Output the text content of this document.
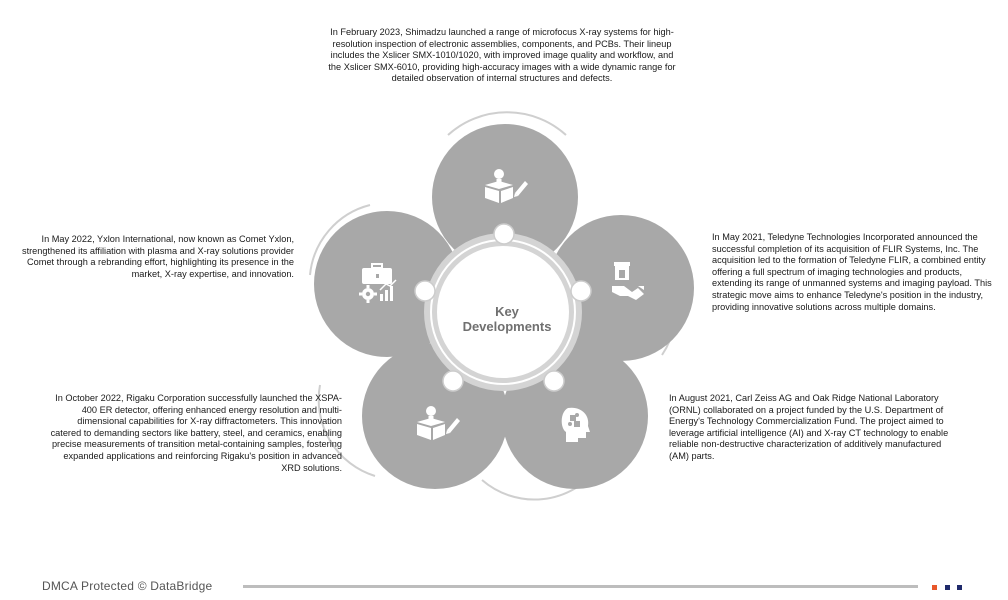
Key
Developments
In February 2023, Shimadzu launched a range of microfocus X-ray systems for high-resolution inspection of electronic assemblies, components, and PCBs. Their lineup includes the Xslicer SMX-1010/1020, with improved image quality and workflow, and the Xslicer SMX-6010, providing high-accuracy images with a wide dynamic range for detailed observation of internal structures and defects.
In May 2021, Teledyne Technologies Incorporated announced the successful completion of its acquisition of FLIR Systems, Inc. The acquisition led to the formation of Teledyne FLIR, a combined entity offering a full spectrum of imaging technologies and products, extending its range of unmanned systems and imaging payload. This strategic move aims to enhance Teledyne's position in the industry, providing innovative solutions across multiple domains.
In August 2021, Carl Zeiss AG and Oak Ridge National Laboratory (ORNL) collaborated on a project funded by the U.S. Department of Energy's Technology Commercialization Fund. The project aimed to leverage artificial intelligence (AI) and X-ray CT technology to enable reliable non-destructive characterization of additively manufactured (AM) parts.
In October 2022, Rigaku Corporation successfully launched the XSPA-400 ER detector, offering enhanced energy resolution and multi-dimensional capabilities for X-ray diffractometers. This innovation catered to demanding sectors like battery, steel, and ceramics, enabling precise measurements of transition metal-containing samples, fostering expanded applications and reinforcing Rigaku's position in advanced XRD solutions.
In May 2022, Yxlon International, now known as Comet Yxlon, strengthened its affiliation with plasma and X-ray solutions provider Comet through a rebranding effort, highlighting its presence in the market, X-ray expertise, and innovation.
DMCA Protected © DataBridge
